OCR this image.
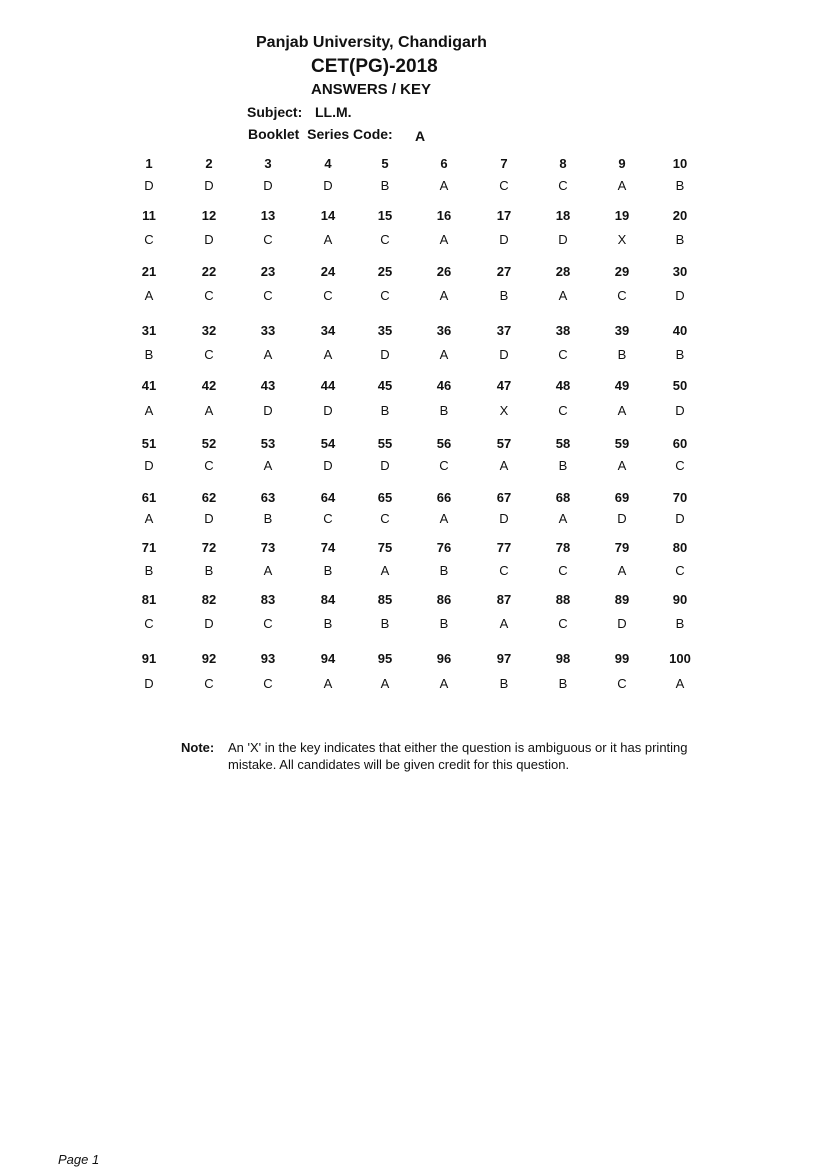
Panjab University, Chandigarh
CET(PG)-2018
ANSWERS / KEY
Subject: LL.M.
Booklet  Series Code: A
1
D
2
D
3
D
4
D
5
B
6
A
7
C
8
C
9
A
10
B
11
C
12
D
13
C
14
A
15
C
16
A
17
D
18
D
19
X
20
B
21
A
22
C
23
C
24
C
25
C
26
A
27
B
28
A
29
C
30
D
31
B
32
C
33
A
34
A
35
D
36
A
37
D
38
C
39
B
40
B
41
A
42
A
43
D
44
D
45
B
46
B
47
X
48
C
49
A
50
D
51
D
52
C
53
A
54
D
55
D
56
C
57
A
58
B
59
A
60
C
61
A
62
D
63
B
64
C
65
C
66
A
67
D
68
A
69
D
70
D
71
B
72
B
73
A
74
B
75
A
76
B
77
C
78
C
79
A
80
C
81
C
82
D
83
C
84
B
85
B
86
B
87
A
88
C
89
D
90
B
91
D
92
C
93
C
94
A
95
A
96
A
97
B
98
B
99
C
100
A
Note: An 'X' in the key indicates that either the question is ambiguous or it has printing mistake. All candidates will be given credit for this question.
Page 1
